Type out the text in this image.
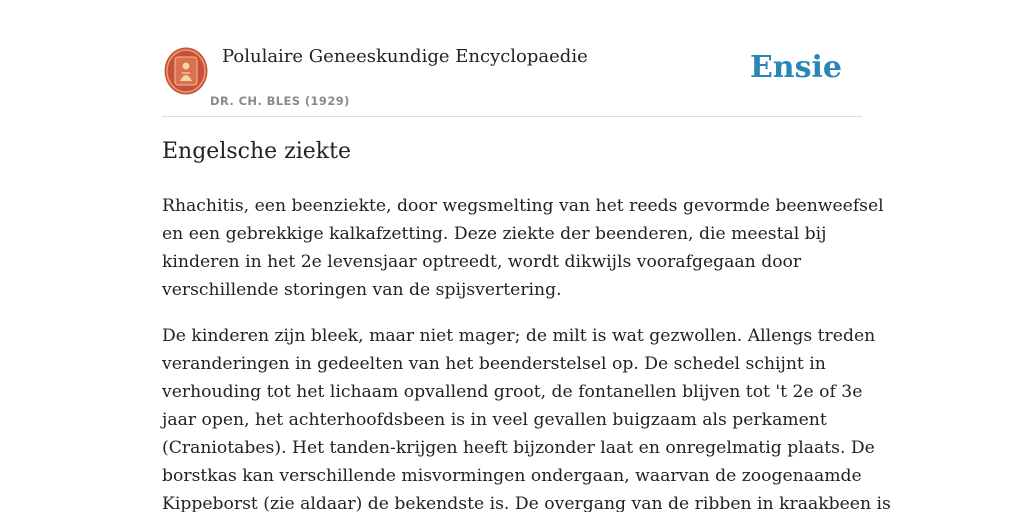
Polulaire Geneeskundige Encyclopaedie
DR. CH. BLES (1929)
Ensie
Engelsche ziekte

Rhachitis, een beenziekte, door wegsmelting van het reeds gevormde beenweefsel
en een gebrekkige kalkafzetting. Deze ziekte der beenderen, die meestal bij
kinderen in het 2e levensjaar optreedt, wordt dikwijls voorafgegaan door
verschillende storingen van de spijsvertering.

De kinderen zijn bleek, maar niet mager; de milt is wat gezwollen. Allengs treden
veranderingen in gedeelten van het beenderstelsel op. De schedel schijnt in
verhouding tot het lichaam opvallend groot, de fontanellen blijven tot 't 2e of 3e
jaar open, het achterhoofdsbeen is in veel gevallen buigzaam als perkament
(Craniotabes). Het tanden-krijgen heeft bijzonder laat en onregelmatig plaats. De
borstkas kan verschillende misvormingen ondergaan, waarvan de zoogenaamde
Kippeborst (zie aldaar) de bekendste is. De overgang van de ribben in kraakbeen is
